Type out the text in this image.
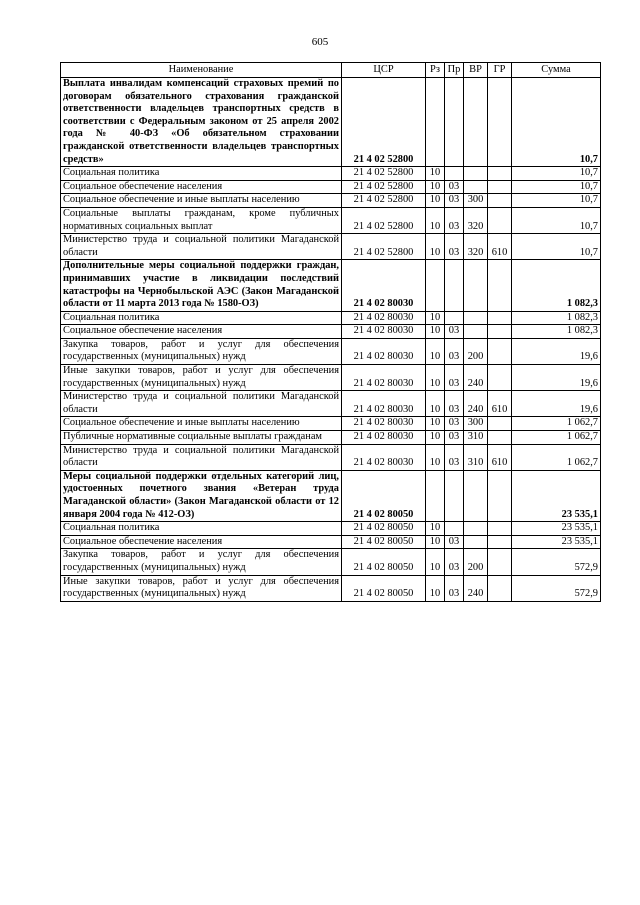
605
Наименование	ЦСР	Рз	Пр	ВР	ГР	Сумма
Выплата инвалидам компенсаций страховых премий по договорам обязательного страхования гражданской ответственности владельцев транспортных средств в соответствии с Федеральным законом от 25 апреля 2002 года № 40-ФЗ «Об обязательном страховании гражданской ответственности владельцев транспортных средств»	21 4 02 52800					10,7
Социальная политика	21 4 02 52800	10				10,7
Социальное обеспечение населения	21 4 02 52800	10	03			10,7
Социальное обеспечение и иные выплаты населению	21 4 02 52800	10	03	300		10,7
Социальные выплаты гражданам, кроме публичных нормативных социальных выплат	21 4 02 52800	10	03	320		10,7
Министерство труда и социальной политики Магаданской области	21 4 02 52800	10	03	320	610	10,7
Дополнительные меры социальной поддержки граждан, принимавших участие в ликвидации последствий катастрофы на Чернобыльской АЭС (Закон Магаданской области от 11 марта 2013 года № 1580-ОЗ)	21 4 02 80030					1 082,3
Социальная политика	21 4 02 80030	10				1 082,3
Социальное обеспечение населения	21 4 02 80030	10	03			1 082,3
Закупка товаров, работ и услуг для обеспечения государственных (муниципальных) нужд	21 4 02 80030	10	03	200		19,6
Иные закупки товаров, работ и услуг для обеспечения государственных (муниципальных) нужд	21 4 02 80030	10	03	240		19,6
Министерство труда и социальной политики Магаданской области	21 4 02 80030	10	03	240	610	19,6
Социальное обеспечение и иные выплаты населению	21 4 02 80030	10	03	300		1 062,7
Публичные нормативные социальные выплаты гражданам	21 4 02 80030	10	03	310		1 062,7
Министерство труда и социальной политики Магаданской области	21 4 02 80030	10	03	310	610	1 062,7
Меры социальной поддержки отдельных категорий лиц, удостоенных почетного звания «Ветеран труда Магаданской области» (Закон Магаданской области от 12 января 2004 года № 412-ОЗ)	21 4 02 80050					23 535,1
Социальная политика	21 4 02 80050	10				23 535,1
Социальное обеспечение населения	21 4 02 80050	10	03			23 535,1
Закупка товаров, работ и услуг для обеспечения государственных (муниципальных) нужд	21 4 02 80050	10	03	200		572,9
Иные закупки товаров, работ и услуг для обеспечения государственных (муниципальных) нужд	21 4 02 80050	10	03	240		572,9
